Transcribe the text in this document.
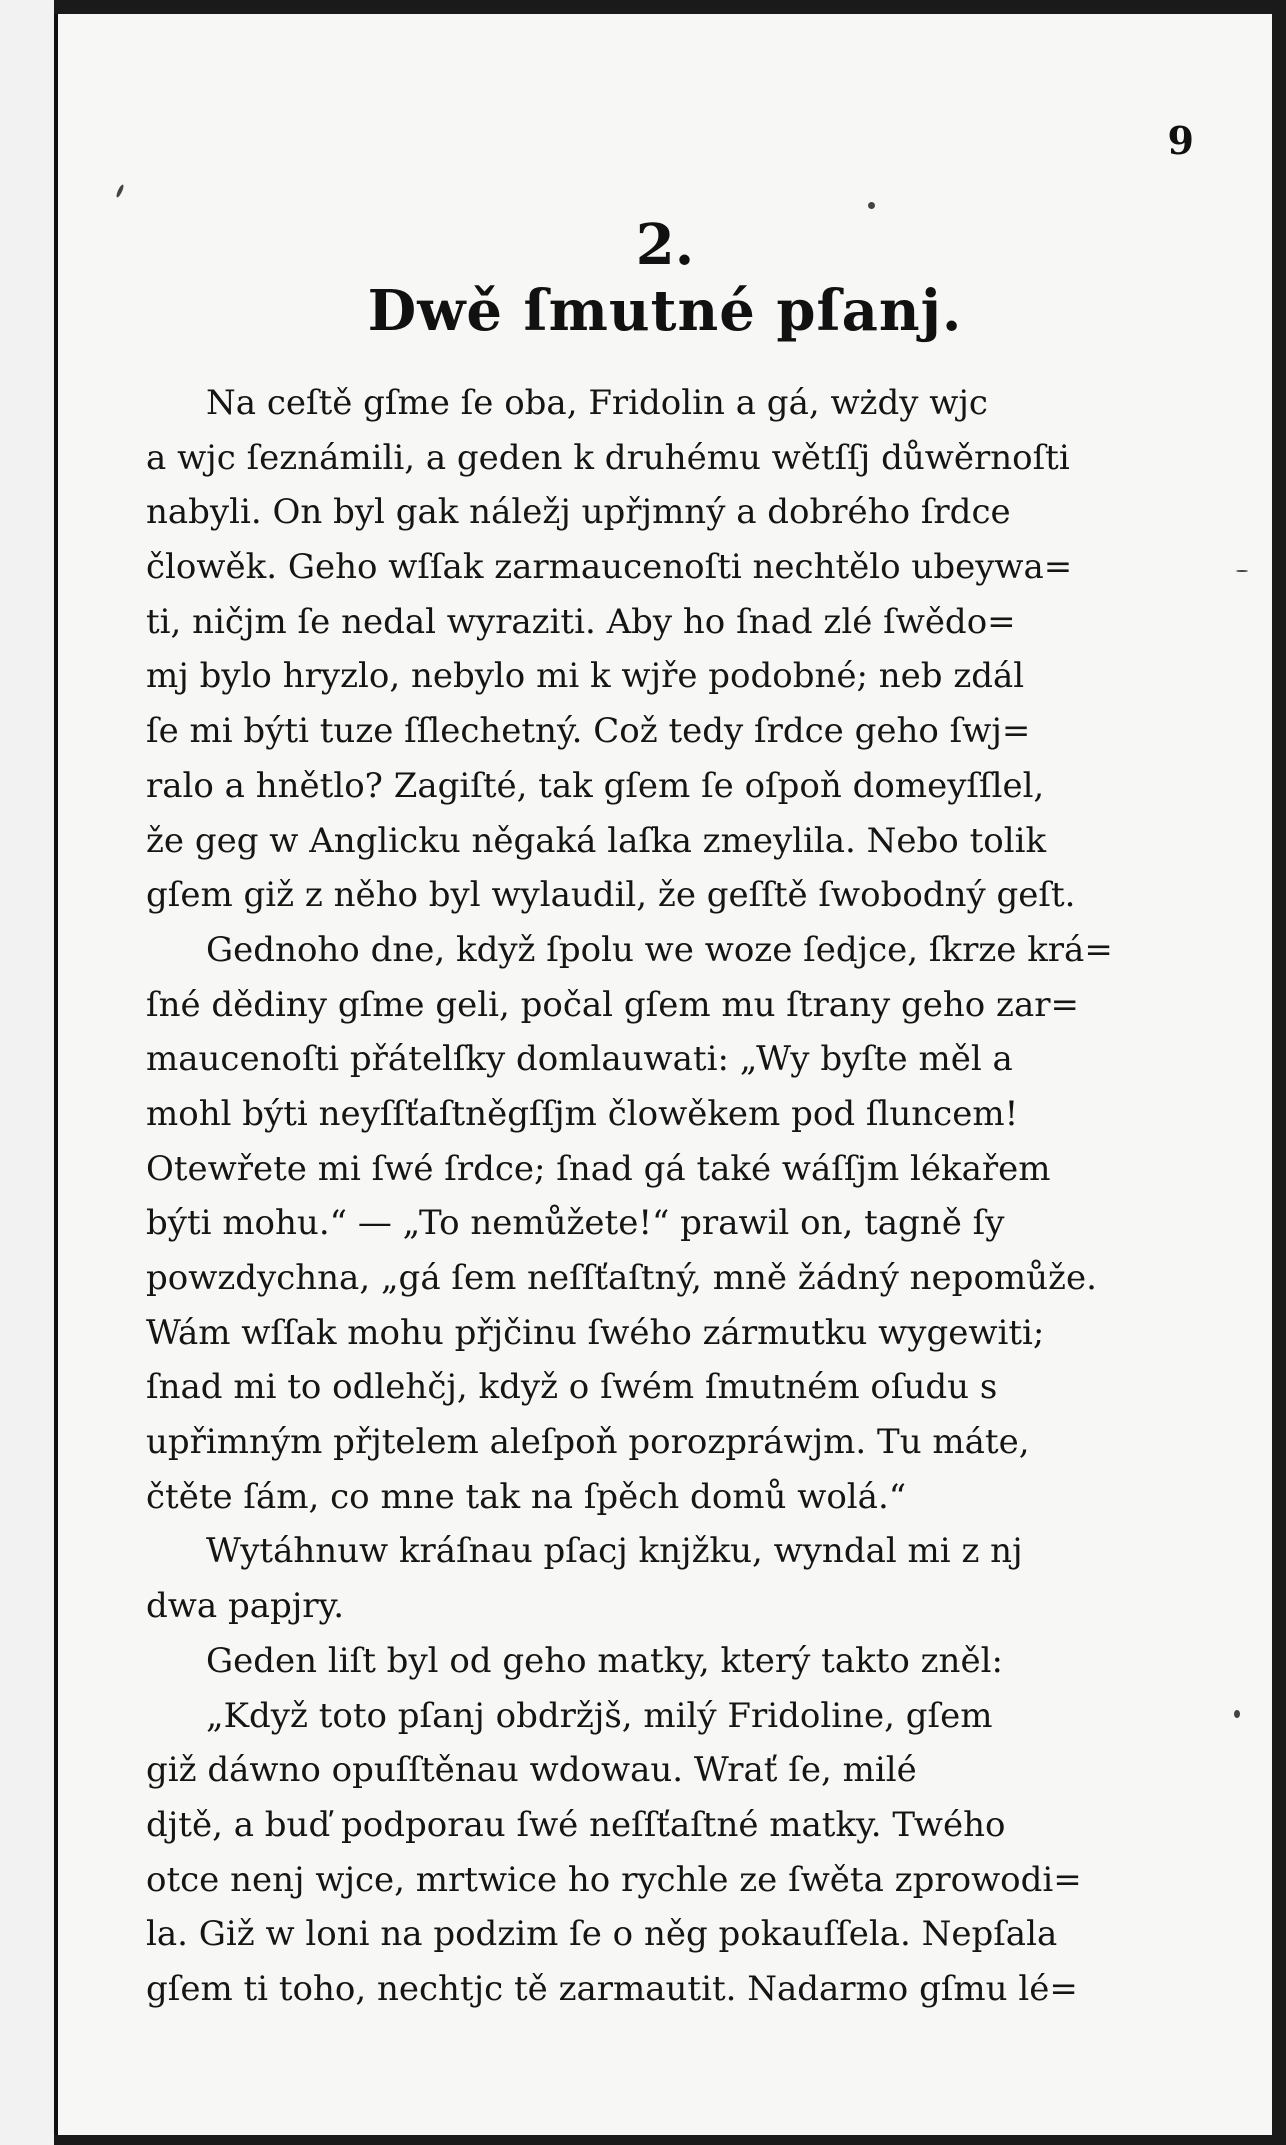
9
2.
Dwě ſmutné pſanj.
Na ceſtě gſme ſe oba, Fridolin a gá, wżdy wjc
a wjc ſeznámili, a geden k druhému wětſſj důwěrnoſti
nabyli. On byl gak náležj upřjmný a dobrého ſrdce
člowěk. Geho wſſak zarmaucenoſti nechtělo ubeywa=
ti, ničjm ſe nedal wyraziti. Aby ho ſnad zlé ſwědo=
mj bylo hryzlo, nebylo mi k wjře podobné; neb zdál
ſe mi býti tuze ſſlechetný. Což tedy ſrdce geho ſwj=
ralo a hnětlo? Zagiſté, tak gſem ſe oſpoň domeyſſlel,
že geg w Anglicku něgaká laſka zmeylila. Nebo tolik
gſem giž z něho byl wylaudil, že geſſtě ſwobodný geſt.
Gednoho dne, když ſpolu we woze ſedjce, ſkrze krá=
ſné dědiny gſme geli, počal gſem mu ſtrany geho zar=
maucenoſti přátelſky domlauwati: „Wy byſte měl a
mohl býti neyſſťaſtněgſſjm člowěkem pod ſluncem!
Otewřete mi ſwé ſrdce; ſnad gá také wáſſjm lékařem
býti mohu.“ — „To nemůžete!“ prawil on, tagně ſy
powzdychna, „gá ſem neſſťaſtný, mně žádný nepomůže.
Wám wſſak mohu přjčinu ſwého zármutku wygewiti;
ſnad mi to odlehčj, když o ſwém ſmutném oſudu s
upřimným přjtelem aleſpoň porozpráwjm. Tu máte,
čtěte ſám, co mne tak na ſpěch domů wolá.“
Wytáhnuw kráſnau pſacj knjžku, wyndal mi z nj
dwa papjry.
Geden liſt byl od geho matky, který takto zněl:
„Když toto pſanj obdržjš, milý Fridoline, gſem
giž dáwno opuſſtěnau wdowau. Wrať ſe, milé
djtě, a buď podporau ſwé neſſťaſtné matky. Twého
otce nenj wjce, mrtwice ho rychle ze ſwěta zprowodi=
la. Giž w loni na podzim ſe o něg pokauſſela. Nepſala
gſem ti toho, nechtjc tě zarmautit. Nadarmo gſmu lé=
